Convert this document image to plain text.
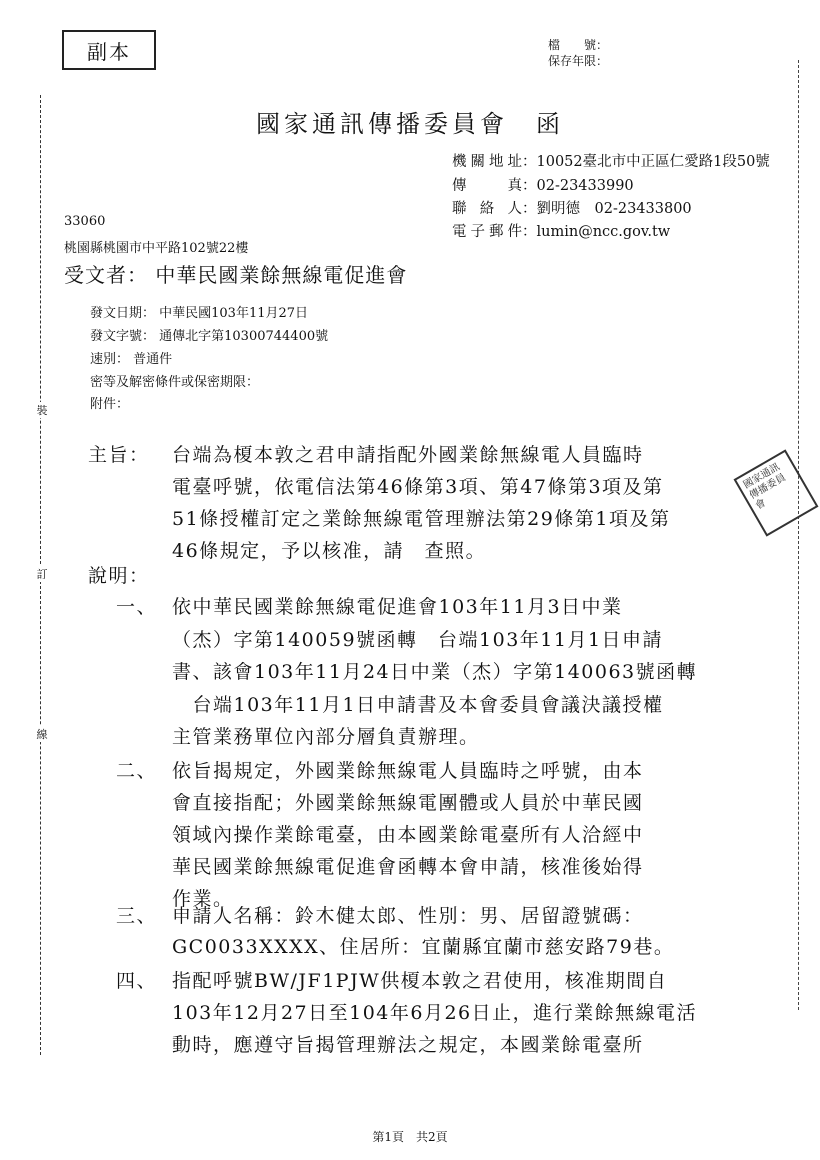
裝
訂
線
國家通訊傳播委員會
副本	檔　　號：
保存年限：
國家通訊傳播委員會 函
機關地址：10052臺北市中正區仁愛路1段50號
傳　　真：02-23433990
聯 絡 人：劉明德　02-23433800
電子郵件：lumin@ncc.gov.tw
33060
桃園縣桃園市中平路102號22樓
受文者： 中華民國業餘無線電促進會
發文日期： 中華民國103年11月27日
發文字號： 通傳北字第10300744400號
速別： 普通件
密等及解密條件或保密期限：
附件：
主旨： 台端為榎本敦之君申請指配外國業餘無線電人員臨時
電臺呼號，依電信法第46條第3項、第47條第3項及第
51條授權訂定之業餘無線電管理辦法第29條第1項及第
46條規定，予以核准，請　查照。
說明：
一、 依中華民國業餘無線電促進會103年11月3日中業
（杰）字第140059號函轉　台端103年11月1日申請
書、該會103年11月24日中業（杰）字第140063號函轉
　台端103年11月1日申請書及本會委員會議決議授權
主管業務單位內部分層負責辦理。
二、 依旨揭規定，外國業餘無線電人員臨時之呼號，由本
會直接指配；外國業餘無線電團體或人員於中華民國
領域內操作業餘電臺，由本國業餘電臺所有人洽經中
華民國業餘無線電促進會函轉本會申請，核准後始得
作業。
三、 申請人名稱：鈴木健太郎、性別：男、居留證號碼：
GC0033XXXX、住居所：宜蘭縣宜蘭市慈安路79巷。
四、 指配呼號BW/JF1PJW供榎本敦之君使用，核准期間自
103年12月27日至104年6月26日止，進行業餘無線電活
動時，應遵守旨揭管理辦法之規定，本國業餘電臺所
第1頁  共2頁
